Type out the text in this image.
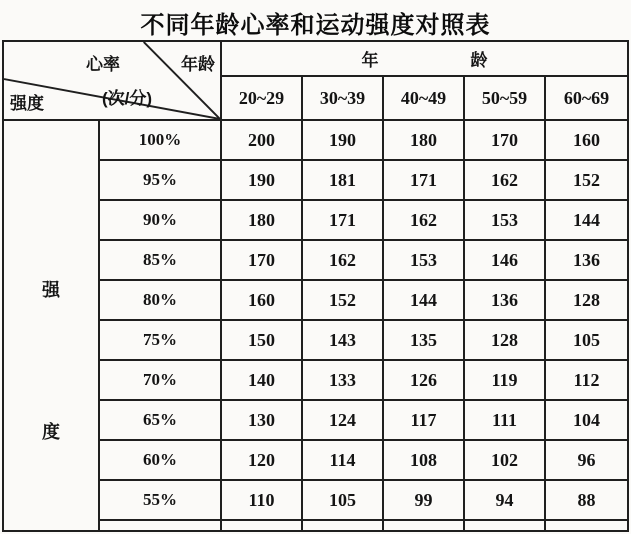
不同年龄心率和运动强度对照表
心率	年龄
(次/分)
强度
年	龄
20~29	30~39	40~49	50~59	60~69
强
度
100%	200	190	180	170	160
95%	190	181	171	162	152
90%	180	171	162	153	144
85%	170	162	153	146	136
80%	160	152	144	136	128
75%	150	143	135	128	105
70%	140	133	126	119	112
65%	130	124	117	111	104
60%	120	114	108	102	96
55%	110	105	99	94	88
